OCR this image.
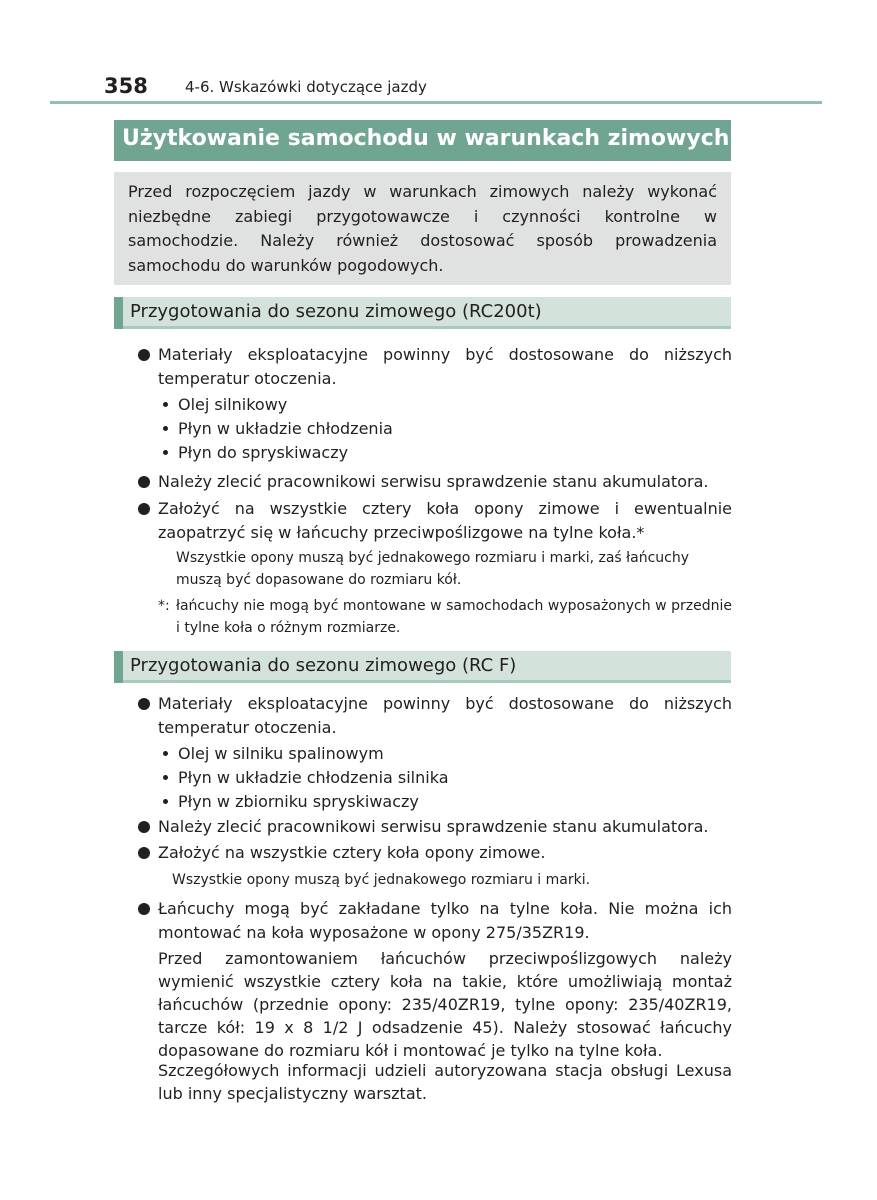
358 4-6. Wskazówki dotyczące jazdy
Użytkowanie samochodu w warunkach zimowych

Przed rozpoczęciem jazdy w warunkach zimowych należy wykonać niezbędne zabiegi przygotowawcze i czynności kontrolne w samochodzie. Należy również dostosować sposób prowadzenia samochodu do warunków pogodowych.

Przygotowania do sezonu zimowego (RC200t)
Materiały eksploatacyjne powinny być dostosowane do niższych temperatur otoczenia.
Olej silnikowy
Płyn w układzie chłodzenia
Płyn do spryskiwaczy
Należy zlecić pracownikowi serwisu sprawdzenie stanu akumulatora.
Założyć na wszystkie cztery koła opony zimowe i ewentualnie zaopatrzyć się w łańcuchy przeciwpoślizgowe na tylne koła.*
Wszystkie opony muszą być jednakowego rozmiaru i marki, zaś łańcuchy muszą być dopasowane do rozmiaru kół.
*: łańcuchy nie mogą być montowane w samochodach wyposażonych w przednie i tylne koła o różnym rozmiarze.
Przygotowania do sezonu zimowego (RC F)
Materiały eksploatacyjne powinny być dostosowane do niższych temperatur otoczenia.
Olej w silniku spalinowym
Płyn w układzie chłodzenia silnika
Płyn w zbiorniku spryskiwaczy
Należy zlecić pracownikowi serwisu sprawdzenie stanu akumulatora.
Założyć na wszystkie cztery koła opony zimowe.
Wszystkie opony muszą być jednakowego rozmiaru i marki.
Łańcuchy mogą być zakładane tylko na tylne koła. Nie można ich montować na koła wyposażone w opony 275/35ZR19.
Przed zamontowaniem łańcuchów przeciwpoślizgowych należy wymienić wszystkie cztery koła na takie, które umożliwiają montaż łańcuchów (przednie opony: 235/40ZR19, tylne opony: 235/40ZR19, tarcze kół: 19 x 8 1/2 J odsadzenie 45). Należy stosować łańcuchy dopasowane do rozmiaru kół i montować je tylko na tylne koła.
Szczegółowych informacji udzieli autoryzowana stacja obsługi Lexusa lub inny specjalistyczny warsztat.
